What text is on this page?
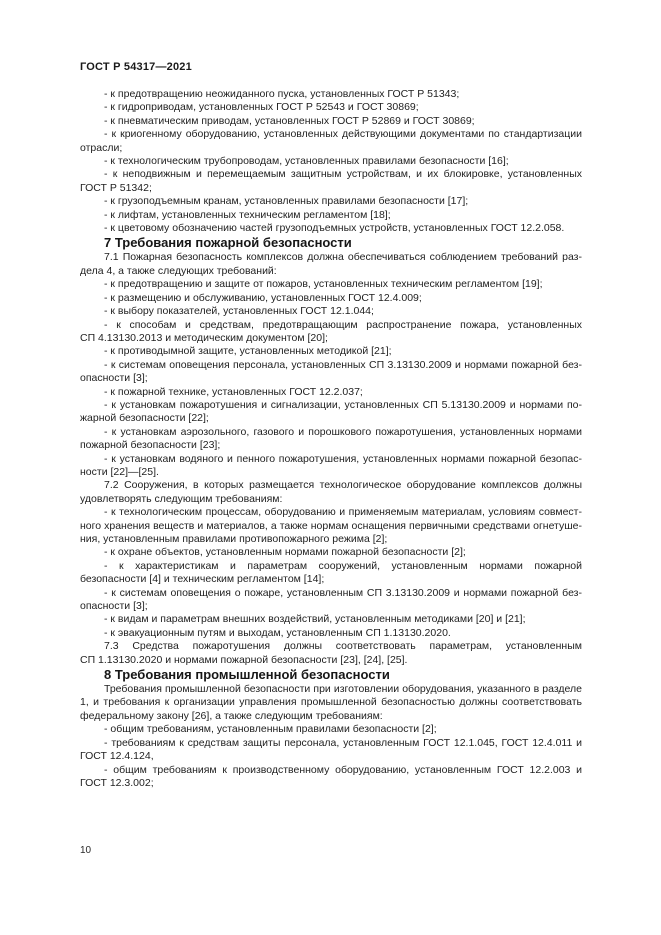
ГОСТ Р 54317—2021

- к предотвращению неожиданного пуска, установленных ГОСТ Р 51343;

- к гидроприводам, установленных ГОСТ Р 52543 и ГОСТ 30869;

- к пневматическим приводам, установленных ГОСТ Р 52869 и ГОСТ 30869;

- к криогенному оборудованию, установленных действующими документами по стандартизации отрасли;

- к технологическим трубопроводам, установленных правилами безопасности [16];

- к неподвижным и перемещаемым защитным устройствам, и их блокировке, установленных ГОСТ Р 51342;

- к грузоподъемным кранам, установленных правилами безопасности [17];

- к лифтам, установленных техническим регламентом [18];

- к цветовому обозначению частей грузоподъемных устройств, установленных ГОСТ 12.2.058.

7 Требования пожарной безопасности

7.1 Пожарная безопасность комплексов должна обеспечиваться соблюдением требований раздела 4, а также следующих требований:

- к предотвращению и защите от пожаров, установленных техническим регламентом [19];

- к размещению и обслуживанию, установленных ГОСТ 12.4.009;

- к выбору показателей, установленных ГОСТ 12.1.044;

- к способам и средствам, предотвращающим распространение пожара, установленных СП 4.13130.2013 и методическим документом [20];

- к противодымной защите, установленных методикой [21];

- к системам оповещения персонала, установленных СП 3.13130.2009 и нормами пожарной безопасности [3];

- к пожарной технике, установленных ГОСТ 12.2.037;

- к установкам пожаротушения и сигнализации, установленных СП 5.13130.2009 и нормами пожарной безопасности [22];

- к установкам аэрозольного, газового и порошкового пожаротушения, установленных нормами пожарной безопасности [23];

- к установкам водяного и пенного пожаротушения, установленных нормами пожарной безопасности [22]—[25].

7.2 Сооружения, в которых размещается технологическое оборудование комплексов должны удовлетворять следующим требованиям:

- к технологическим процессам, оборудованию и применяемым материалам, условиям совместного хранения веществ и материалов, а также нормам оснащения первичными средствами огнетушения, установленным правилами противопожарного режима [2];

- к охране объектов, установленным нормами пожарной безопасности [2];

- к характеристикам и параметрам сооружений, установленным нормами пожарной безопасности [4] и техническим регламентом [14];

- к системам оповещения о пожаре, установленным СП 3.13130.2009 и нормами пожарной безопасности [3];

- к видам и параметрам внешних воздействий, установленным методиками [20] и [21];

- к эвакуационным путям и выходам, установленным СП 1.13130.2020.

7.3 Средства пожаротушения должны соответствовать параметрам, установленным СП 1.13130.2020 и нормами пожарной безопасности [23], [24], [25].

8 Требования промышленной безопасности

Требования промышленной безопасности при изготовлении оборудования, указанного в разделе 1, и требования к организации управления промышленной безопасностью должны соответствовать федеральному закону [26], а также следующим требованиям:

- общим требованиям, установленным правилами безопасности [2];

- требованиям к средствам защиты персонала, установленным ГОСТ 12.1.045, ГОСТ 12.4.011 и ГОСТ 12.4.124,

- общим требованиям к производственному оборудованию, установленным ГОСТ 12.2.003 и ГОСТ 12.3.002;

10
